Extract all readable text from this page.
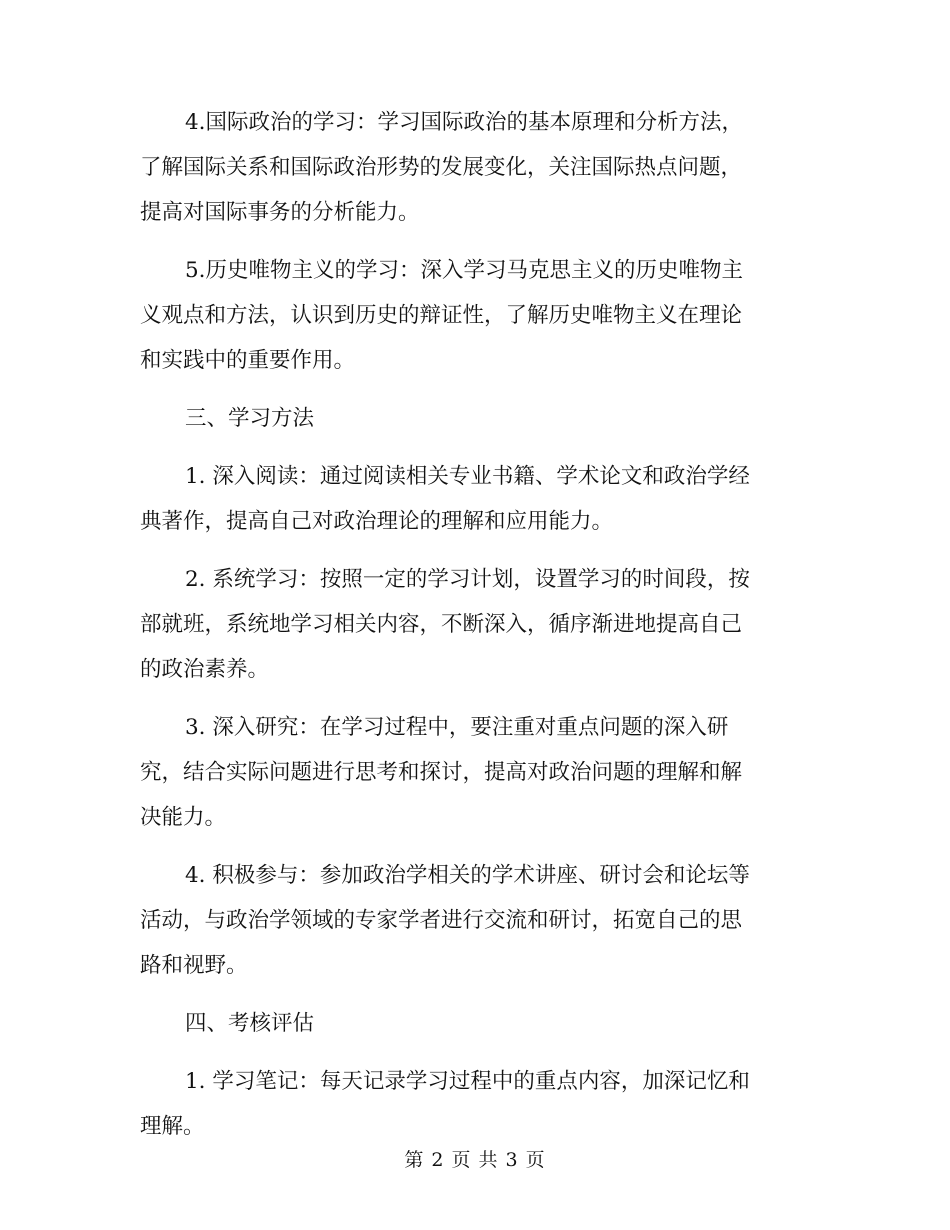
4.国际政治的学习：学习国际政治的基本原理和分析方法，
了解国际关系和国际政治形势的发展变化，关注国际热点问题，
提高对国际事务的分析能力。
5.历史唯物主义的学习：深入学习马克思主义的历史唯物主
义观点和方法，认识到历史的辩证性，了解历史唯物主义在理论
和实践中的重要作用。
三、学习方法
1. 深入阅读：通过阅读相关专业书籍、学术论文和政治学经
典著作，提高自己对政治理论的理解和应用能力。
2. 系统学习：按照一定的学习计划，设置学习的时间段，按
部就班，系统地学习相关内容，不断深入，循序渐进地提高自己
的政治素养。
3. 深入研究：在学习过程中，要注重对重点问题的深入研
究，结合实际问题进行思考和探讨，提高对政治问题的理解和解
决能力。
4. 积极参与：参加政治学相关的学术讲座、研讨会和论坛等
活动，与政治学领域的专家学者进行交流和研讨，拓宽自己的思
路和视野。
四、考核评估
1. 学习笔记：每天记录学习过程中的重点内容，加深记忆和
理解。
第 2 页 共 3 页
